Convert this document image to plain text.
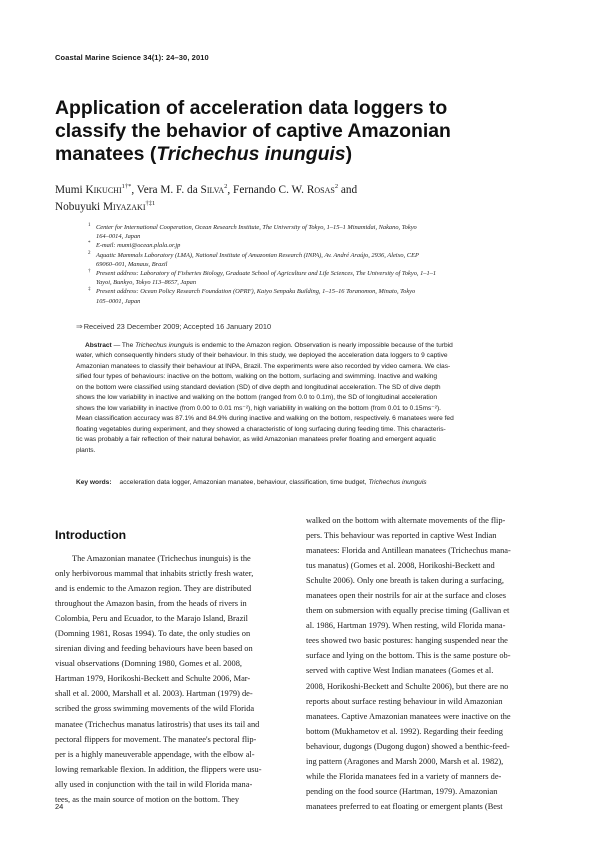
Coastal Marine Science 34(1): 24–30, 2010
Application of acceleration data loggers to
classify the behavior of captive Amazonian
manatees (Trichechus inunguis)
Mumi Kikuchi$^{1\dagger*}$, Vera M. F. da Silva$^2$, Fernando C. W. Rosas$^2$ and
Nobuyuki Miyazaki$^{\dagger\ddagger 1}$
1 Center for International Cooperation, Ocean Research Institute, The University of Tokyo, 1–15–1 Minamidai, Nakano, Tokyo
164–0014, Japan
* E-mail: mumi@ocean.plala.or.jp
2 Aquatic Mammals Laboratory (LMA), National Institute of Amazonian Research (INPA), Av. André Araújo, 2936, Aleixo, CEP
69060–001, Manaus, Brazil
† Present address: Laboratory of Fisheries Biology, Graduate School of Agriculture and Life Sciences, The University of Tokyo, 1–1–1
Yayoi, Bunkyo, Tokyo 113–8657, Japan
‡ Present address: Ocean Policy Research Foundation (OPRF), Kaiyo Senpaku Building, 1–15–16 Toranomon, Minato, Tokyo
105–0001, Japan
⇒Received 23 December 2009; Accepted 16 January 2010
Abstract — The Trichechus inunguis is endemic to the Amazon region. Observation is nearly impossible because of the turbid
water, which consequently hinders study of their behaviour. In this study, we deployed the acceleration data loggers to 9 captive
Amazonian manatees to classify their behaviour at INPA, Brazil. The experiments were also recorded by video camera. We clas-
sified four types of behaviours: inactive on the bottom, walking on the bottom, surfacing and swimming. Inactive and walking
on the bottom were classified using standard deviation (SD) of dive depth and longitudinal acceleration. The SD of dive depth
shows the low variability in inactive and walking on the bottom (ranged from 0.0 to 0.1m), the SD of longitudinal acceleration
shows the low variability in inactive (from 0.00 to 0.01 ms⁻²), high variability in walking on the bottom (from 0.01 to 0.15ms⁻²).
Mean classification accuracy was 87.1% and 84.9% during inactive and walking on the bottom, respectively. 6 manatees were fed
floating vegetables during experiment, and they showed a characteristic of long surfacing during feeding time. This characteris-
tic was probably a fair reflection of their natural behavior, as wild Amazonian manatees prefer floating and emergent aquatic
plants.
Key words: acceleration data logger, Amazonian manatee, behaviour, classification, time budget, Trichechus inunguis
Introduction
The Amazonian manatee (Trichechus inunguis) is the
only herbivorous mammal that inhabits strictly fresh water,
and is endemic to the Amazon region. They are distributed
throughout the Amazon basin, from the heads of rivers in
Colombia, Peru and Ecuador, to the Marajo Island, Brazil
(Domning 1981, Rosas 1994). To date, the only studies on
sirenian diving and feeding behaviours have been based on
visual observations (Domning 1980, Gomes et al. 2008,
Hartman 1979, Horikoshi-Beckett and Schulte 2006, Mar-
shall et al. 2000, Marshall et al. 2003). Hartman (1979) de-
scribed the gross swimming movements of the wild Florida
manatee (Trichechus manatus latirostris) that uses its tail and
pectoral flippers for movement. The manatee's pectoral flip-
per is a highly maneuverable appendage, with the elbow al-
lowing remarkable flexion. In addition, the flippers were usu-
ally used in conjunction with the tail in wild Florida mana-
tees, as the main source of motion on the bottom. They
walked on the bottom with alternate movements of the flip-
pers. This behaviour was reported in captive West Indian
manatees: Florida and Antillean manatees (Trichechus mana-
tus manatus) (Gomes et al. 2008, Horikoshi-Beckett and
Schulte 2006). Only one breath is taken during a surfacing,
manatees open their nostrils for air at the surface and closes
them on submersion with equally precise timing (Gallivan et
al. 1986, Hartman 1979). When resting, wild Florida mana-
tees showed two basic postures: hanging suspended near the
surface and lying on the bottom. This is the same posture ob-
served with captive West Indian manatees (Gomes et al.
2008, Horikoshi-Beckett and Schulte 2006), but there are no
reports about surface resting behaviour in wild Amazonian
manatees. Captive Amazonian manatees were inactive on the
bottom (Mukhametov et al. 1992). Regarding their feeding
behaviour, dugongs (Dugong dugon) showed a benthic-feed-
ing pattern (Aragones and Marsh 2000, Marsh et al. 1982),
while the Florida manatees fed in a variety of manners de-
pending on the food source (Hartman, 1979). Amazonian
manatees preferred to eat floating or emergent plants (Best
24
